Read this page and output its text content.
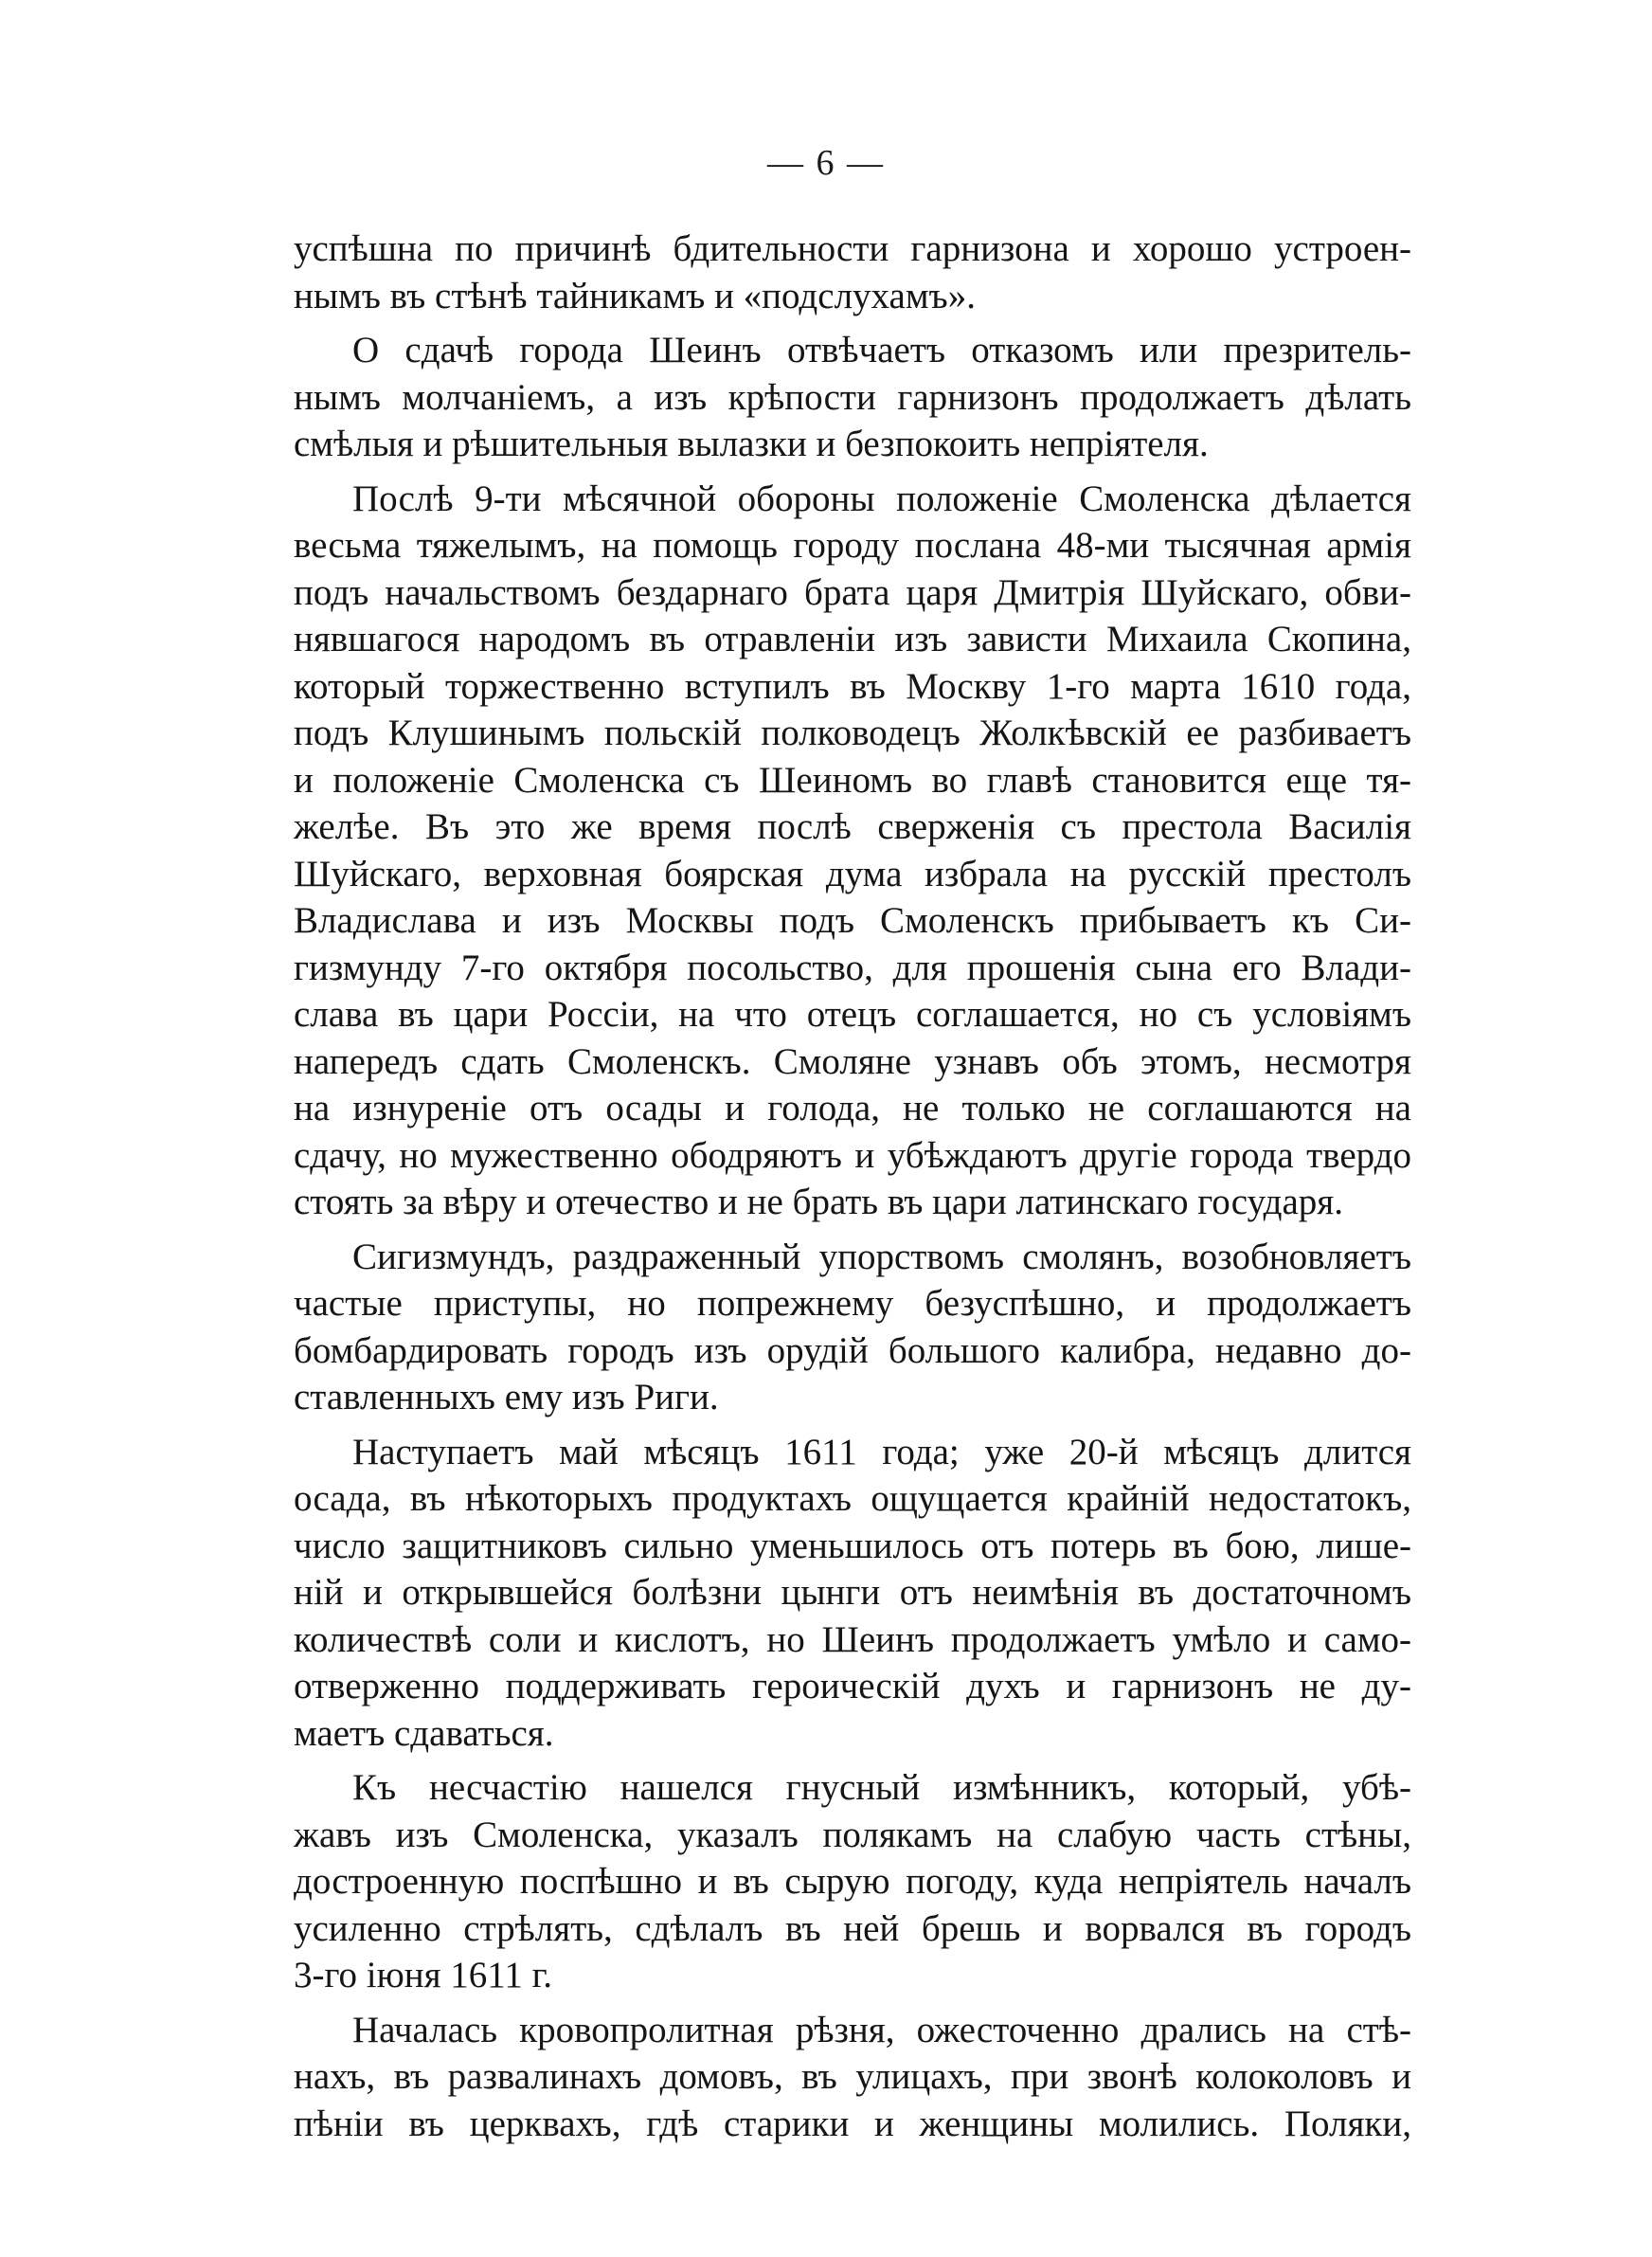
— 6 —
успѣшна по причинѣ бдительности гарнизона и хорошо устроен-
нымъ въ стѣнѣ тайникамъ и «подслухамъ».
О сдачѣ города Шеинъ отвѣчаетъ отказомъ или презритель-
нымъ молчаніемъ, а изъ крѣпости гарнизонъ продолжаетъ дѣлать
смѣлыя и рѣшительныя вылазки и безпокоить непріятеля.
Послѣ 9-ти мѣсячной обороны положеніе Смоленска дѣлается
весьма тяжелымъ, на помощь городу послана 48-ми тысячная армія
подъ начальствомъ бездарнаго брата царя Дмитрія Шуйскаго, обви-
нявшагося народомъ въ отравленіи изъ зависти Михаила Скопина,
который торжественно вступилъ въ Москву 1-го марта 1610 года,
подъ Клушинымъ польскій полководецъ Жолкѣвскій ее разбиваетъ
и положеніе Смоленска съ Шеиномъ во главѣ становится еще тя-
желѣе. Въ это же время послѣ сверженія съ престола Василія
Шуйскаго, верховная боярская дума избрала на русскій престолъ
Владислава и изъ Москвы подъ Смоленскъ прибываетъ къ Си-
гизмунду 7-го октября посольство, для прошенія сына его Влади-
слава въ цари Россіи, на что отецъ соглашается, но съ условіямъ
напередъ сдать Смоленскъ. Смоляне узнавъ объ этомъ, несмотря
на изнуреніе отъ осады и голода, не только не соглашаются на
сдачу, но мужественно ободряютъ и убѣждаютъ другіе города твердо
стоять за вѣру и отечество и не брать въ цари латинскаго государя.
Сигизмундъ, раздраженный упорствомъ смолянъ, возобновляетъ
частые приступы, но попрежнему безуспѣшно, и продолжаетъ
бомбардировать городъ изъ орудій большого калибра, недавно до-
ставленныхъ ему изъ Риги.
Наступаетъ май мѣсяцъ 1611 года; уже 20-й мѣсяцъ длится
осада, въ нѣкоторыхъ продуктахъ ощущается крайній недостатокъ,
число защитниковъ сильно уменьшилось отъ потерь въ бою, лише-
ній и открывшейся болѣзни цынги отъ неимѣнія въ достаточномъ
количествѣ соли и кислотъ, но Шеинъ продолжаетъ умѣло и само-
отверженно поддерживать героическій духъ и гарнизонъ не ду-
маетъ сдаваться.
Къ несчастію нашелся гнусный измѣнникъ, который, убѣ-
жавъ изъ Смоленска, указалъ полякамъ на слабую часть стѣны,
достроенную поспѣшно и въ сырую погоду, куда непріятель началъ
усиленно стрѣлять, сдѣлалъ въ ней брешь и ворвался въ городъ
3-го іюня 1611 г.
Началась кровопролитная рѣзня, ожесточенно дрались на стѣ-
нахъ, въ развалинахъ домовъ, въ улицахъ, при звонѣ колоколовъ и
пѣніи въ церквахъ, гдѣ старики и женщины молились. Поляки,
